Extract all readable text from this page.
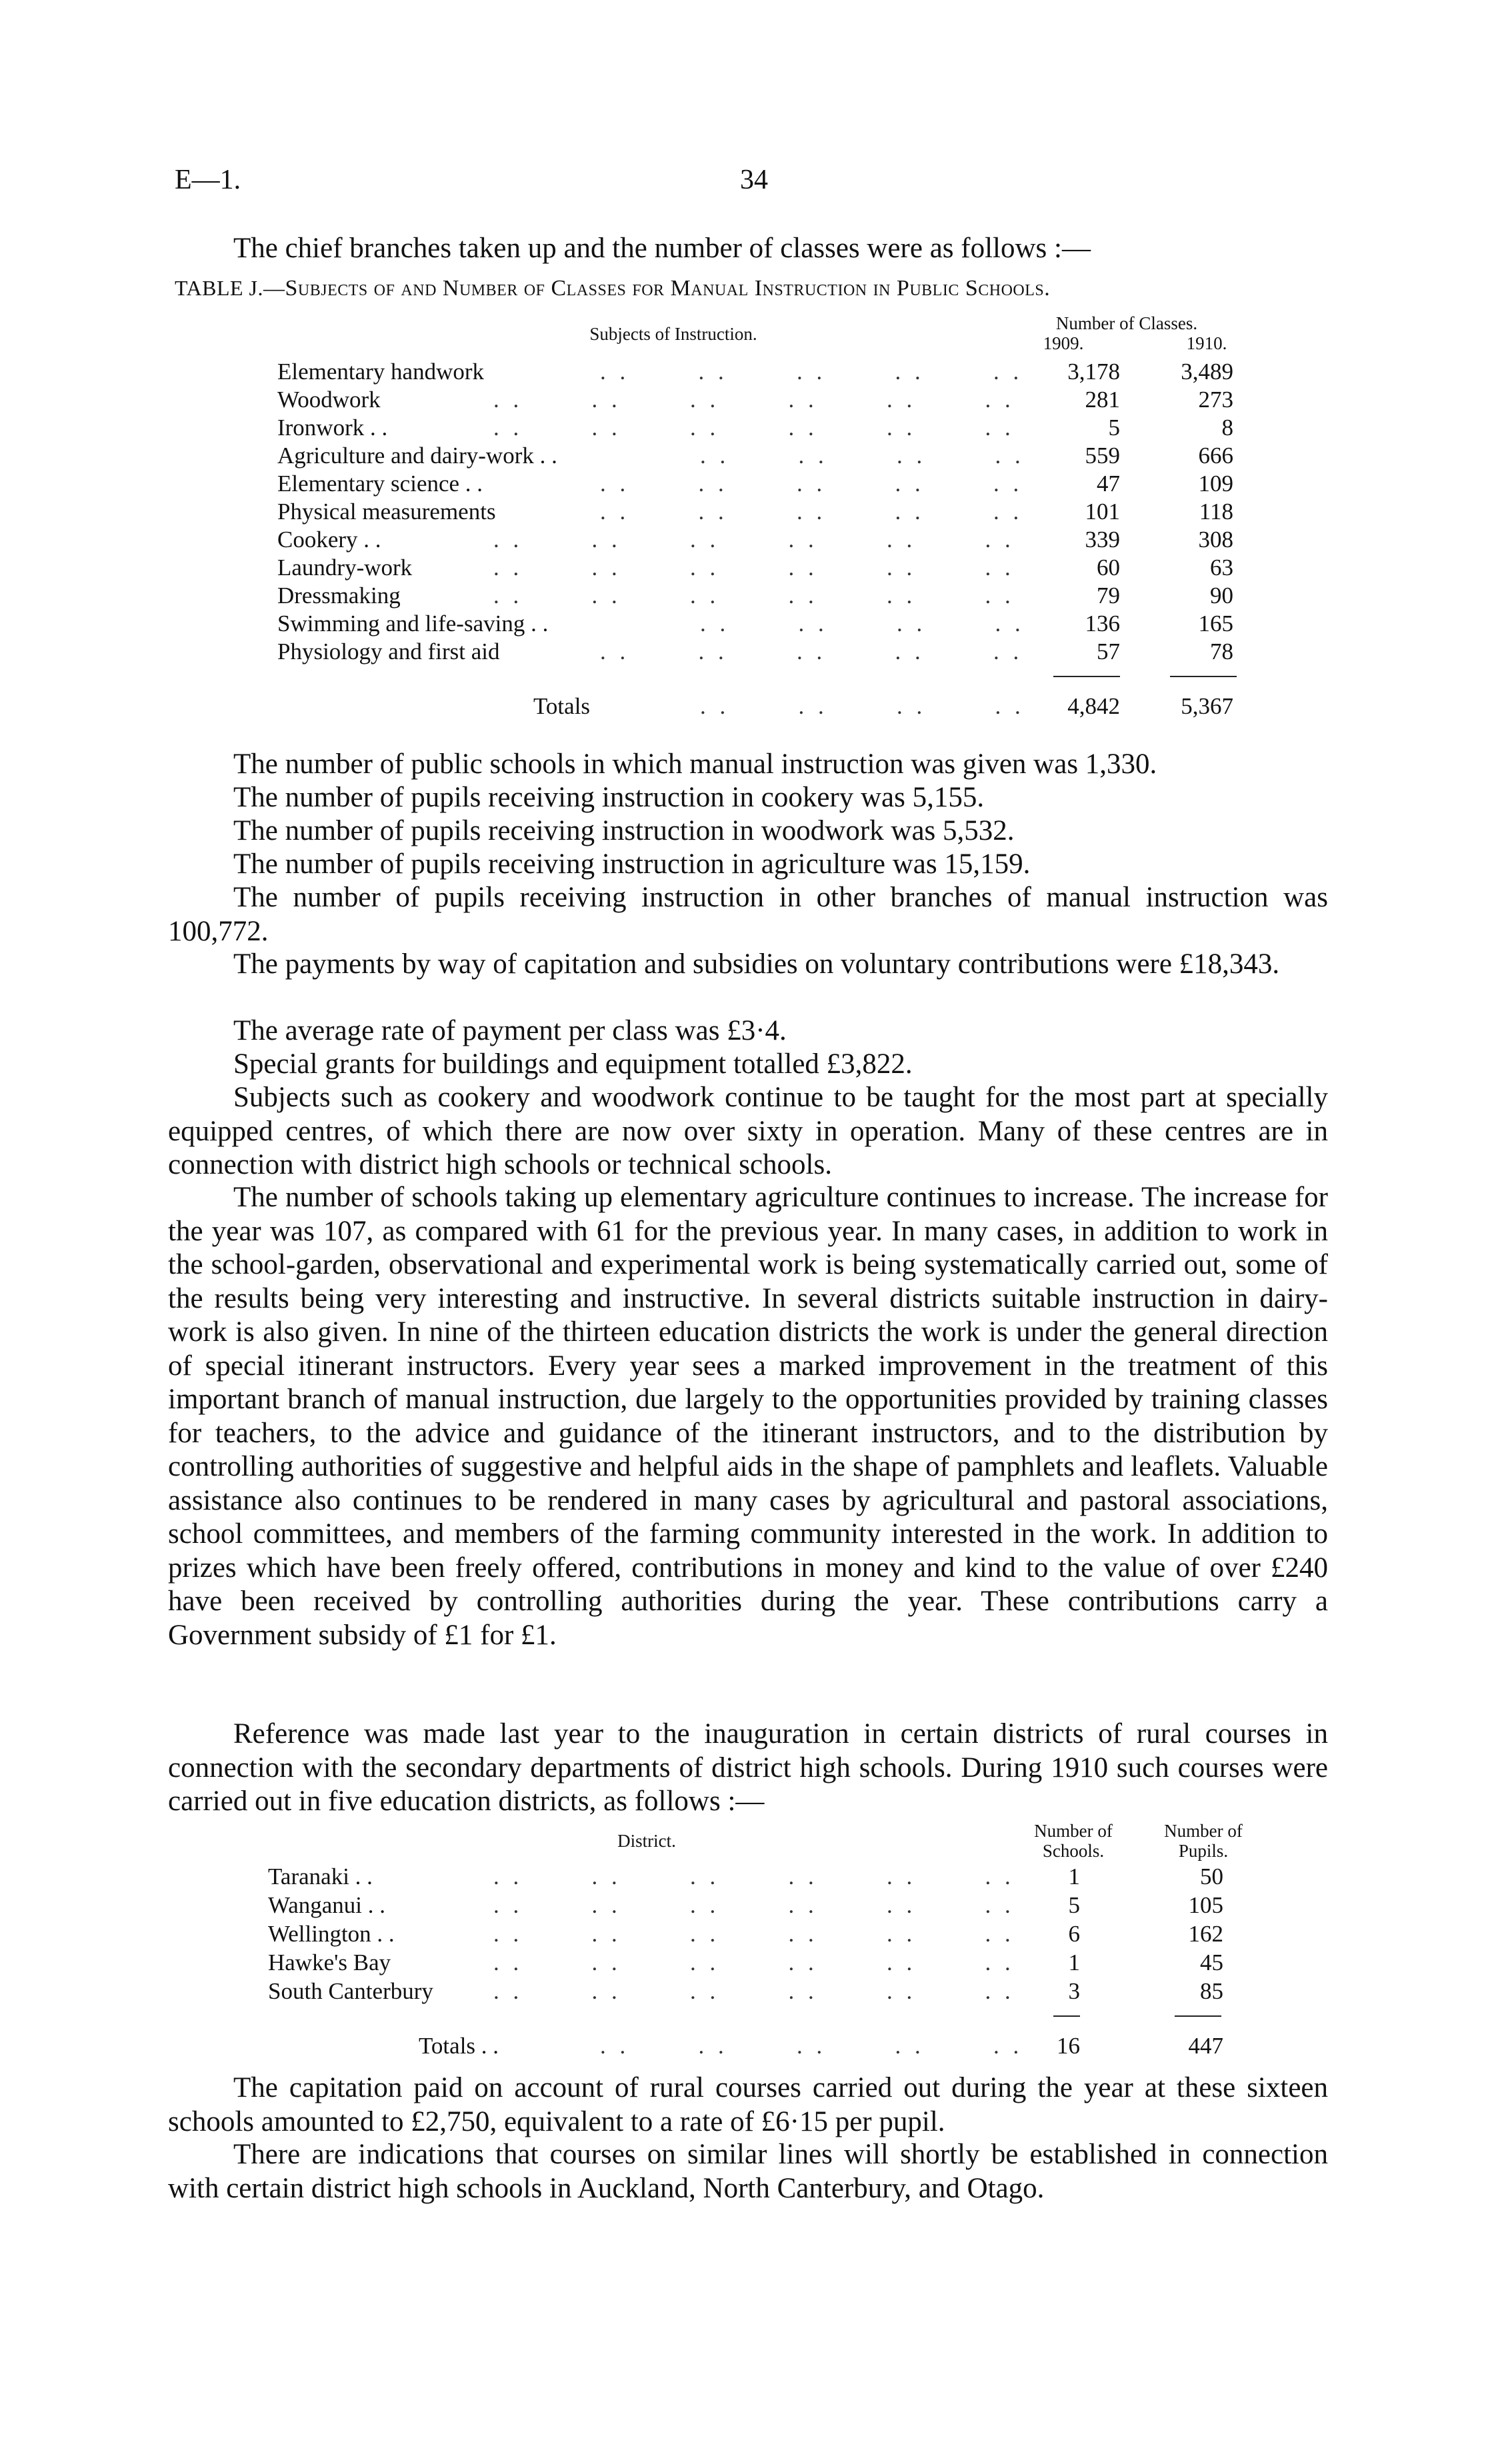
E—1.	34

The chief branches taken up and the number of classes were as follows :—

TABLE J.—Subjects of and Number of Classes for Manual Instruction in Public Schools.
Subjects of Instruction.
Number of Classes.
1909.	1910.
Elementary handwork	. .       . .       . .       . .       . .	3,178	3,489
Woodwork	. .       . .       . .       . .       . .       . .	281	273
Ironwork . .	. .       . .       . .       . .       . .       . .	5	8
Agriculture and dairy-work . .	. .       . .       . .       . .	559	666
Elementary science . .	. .       . .       . .       . .       . .	47	109
Physical measurements	. .       . .       . .       . .       . .	101	118
Cookery . .	. .       . .       . .       . .       . .       . .	339	308
Laundry-work	. .       . .       . .       . .       . .       . .	60	63
Dressmaking	. .       . .       . .       . .       . .       . .	79	90
Swimming and life-saving . .	. .       . .       . .       . .	136	165
Physiology and first aid	. .       . .       . .       . .       . .	57	78
Totals	. .       . .       . .       . .	4,842	5,367

The number of public schools in which manual instruction was given was 1,330.

The number of pupils receiving instruction in cookery was 5,155.

The number of pupils receiving instruction in woodwork was 5,532.

The number of pupils receiving instruction in agriculture was 15,159.

The number of pupils receiving instruction in other branches of manual instruction was 100,772.

The payments by way of capitation and subsidies on voluntary contributions were £18,343.

The average rate of payment per class was £3·4.

Special grants for buildings and equipment totalled £3,822.

Subjects such as cookery and woodwork continue to be taught for the most part at specially equipped centres, of which there are now over sixty in operation. Many of these centres are in connection with district high schools or technical schools.

The number of schools taking up elementary agriculture continues to increase. The increase for the year was 107, as compared with 61 for the previous year. In many cases, in addition to work in the school-garden, observational and experimental work is being systematically carried out, some of the results being very interesting and instructive. In several districts suitable instruction in dairy-work is also given. In nine of the thirteen education districts the work is under the general direction of special itinerant instructors. Every year sees a marked improvement in the treatment of this important branch of manual instruction, due largely to the opportunities provided by training classes for teachers, to the advice and guidance of the itinerant instructors, and to the distribution by controlling authorities of suggestive and helpful aids in the shape of pamphlets and leaflets. Valuable assistance also continues to be rendered in many cases by agricultural and pastoral associations, school committees, and members of the farming community interested in the work. In addition to prizes which have been freely offered, contributions in money and kind to the value of over £240 have been received by controlling authorities during the year. These contributions carry a Government subsidy of £1 for £1.

Reference was made last year to the inauguration in certain districts of rural courses in connection with the secondary departments of district high schools. During 1910 such courses were carried out in five education districts, as follows :—

District.	Number of Schools.
Number of Pupils.
Taranaki . .	. .       . .       . .       . .       . .       . .	1	50
Wanganui . .	. .       . .       . .       . .       . .       . .	5	105
Wellington . .	. .       . .       . .       . .       . .       . .	6	162
Hawke's Bay	. .       . .       . .       . .       . .       . .	1	45
South Canterbury	. .       . .       . .       . .       . .       . .	3	85
Totals . .	. .       . .       . .       . .       . .	16	447

The capitation paid on account of rural courses carried out during the year at these sixteen schools amounted to £2,750, equivalent to a rate of £6·15 per pupil.

There are indications that courses on similar lines will shortly be established in connection with certain district high schools in Auckland, North Canterbury, and Otago.
